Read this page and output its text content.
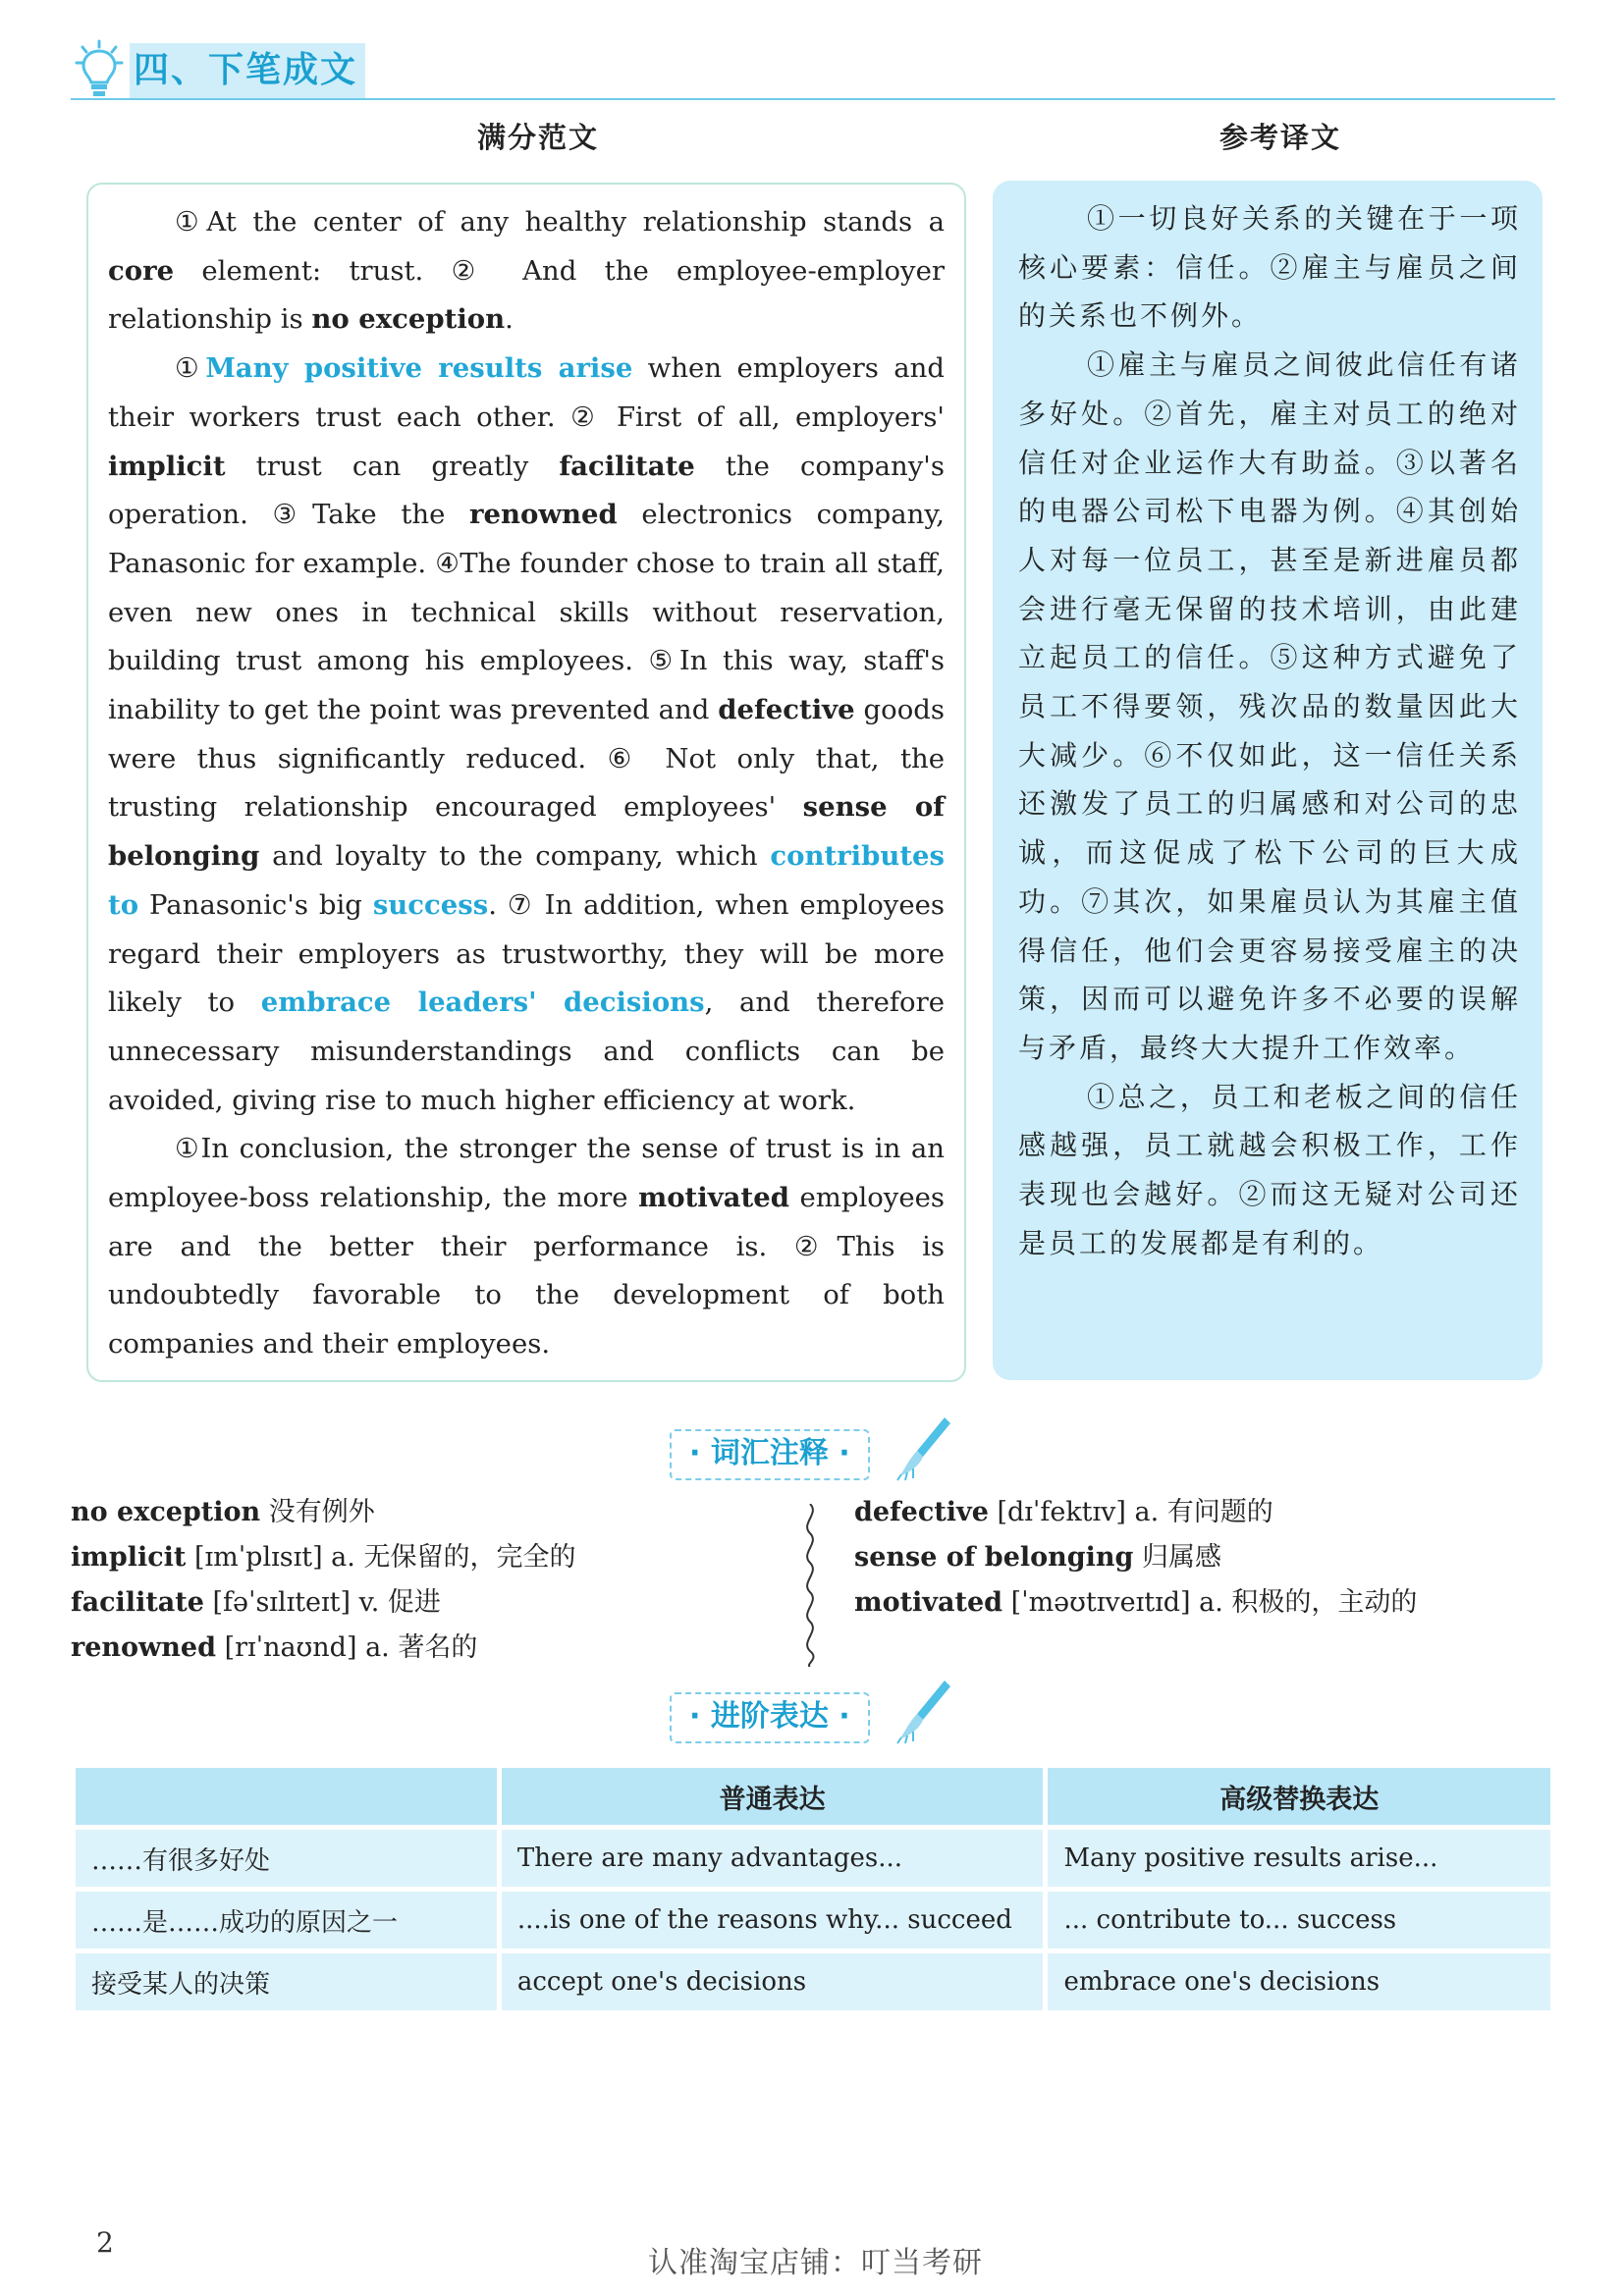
四、下笔成文
满分范文	参考译文

①At the center of any healthy relationship stands a core element: trust. ② And the employee-employer relationship is no exception.

①Many positive results arise when employers and their workers trust each other. ② First of all, employers' implicit trust can greatly facilitate the company's operation. ③Take the renowned electronics company, Panasonic for example. ④The founder chose to train all staff, even new ones in technical skills without reservation, building trust among his employees. ⑤In this way, staff's inability to get the point was prevented and defective goods were thus significantly reduced. ⑥ Not only that, the trusting relationship encouraged employees' sense of belonging and loyalty to the company, which contributes to Panasonic's big success. ⑦ In addition, when employees regard their employers as trustworthy, they will be more likely to embrace leaders' decisions, and therefore unnecessary misunderstandings and conflicts can be avoided, giving rise to much higher efficiency at work.

①In conclusion, the stronger the sense of trust is in an employee-boss relationship, the more motivated employees are and the better their performance is. ②This is undoubtedly favorable to the development of both companies and their employees.

①一切良好关系的关键在于一项核心要素：信任。②雇主与雇员之间的关系也不例外。

①雇主与雇员之间彼此信任有诸多好处。②首先，雇主对员工的绝对信任对企业运作大有助益。③以著名的电器公司松下电器为例。④其创始人对每一位员工，甚至是新进雇员都会进行毫无保留的技术培训，由此建立起员工的信任。⑤这种方式避免了员工不得要领，残次品的数量因此大大减少。⑥不仅如此，这一信任关系还激发了员工的归属感和对公司的忠诚，而这促成了松下公司的巨大成功。⑦其次，如果雇员认为其雇主值得信任，他们会更容易接受雇主的决策，因而可以避免许多不必要的误解与矛盾，最终大大提升工作效率。

①总之，员工和老板之间的信任感越强，员工就越会积极工作，工作表现也会越好。②而这无疑对公司还是员工的发展都是有利的。

· 词汇注释 ·
no exception 没有例外
implicit [ɪmˈplɪsɪt] a. 无保留的，完全的
facilitate [fəˈsɪlɪteɪt] v. 促进
renowned [rɪˈnaʊnd] a. 著名的
defective [dɪˈfektɪv] a. 有问题的
sense of belonging 归属感
motivated [ˈməʊtɪveɪtɪd] a. 积极的，主动的
· 进阶表达 ·
	普通表达	高级替换表达
……有很多好处	There are many advantages...	Many positive results arise...
……是……成功的原因之一	....is one of the reasons why... succeed	... contribute to... success
接受某人的决策	accept one's decisions	embrace one's decisions
2
认准淘宝店铺：叮当考研
